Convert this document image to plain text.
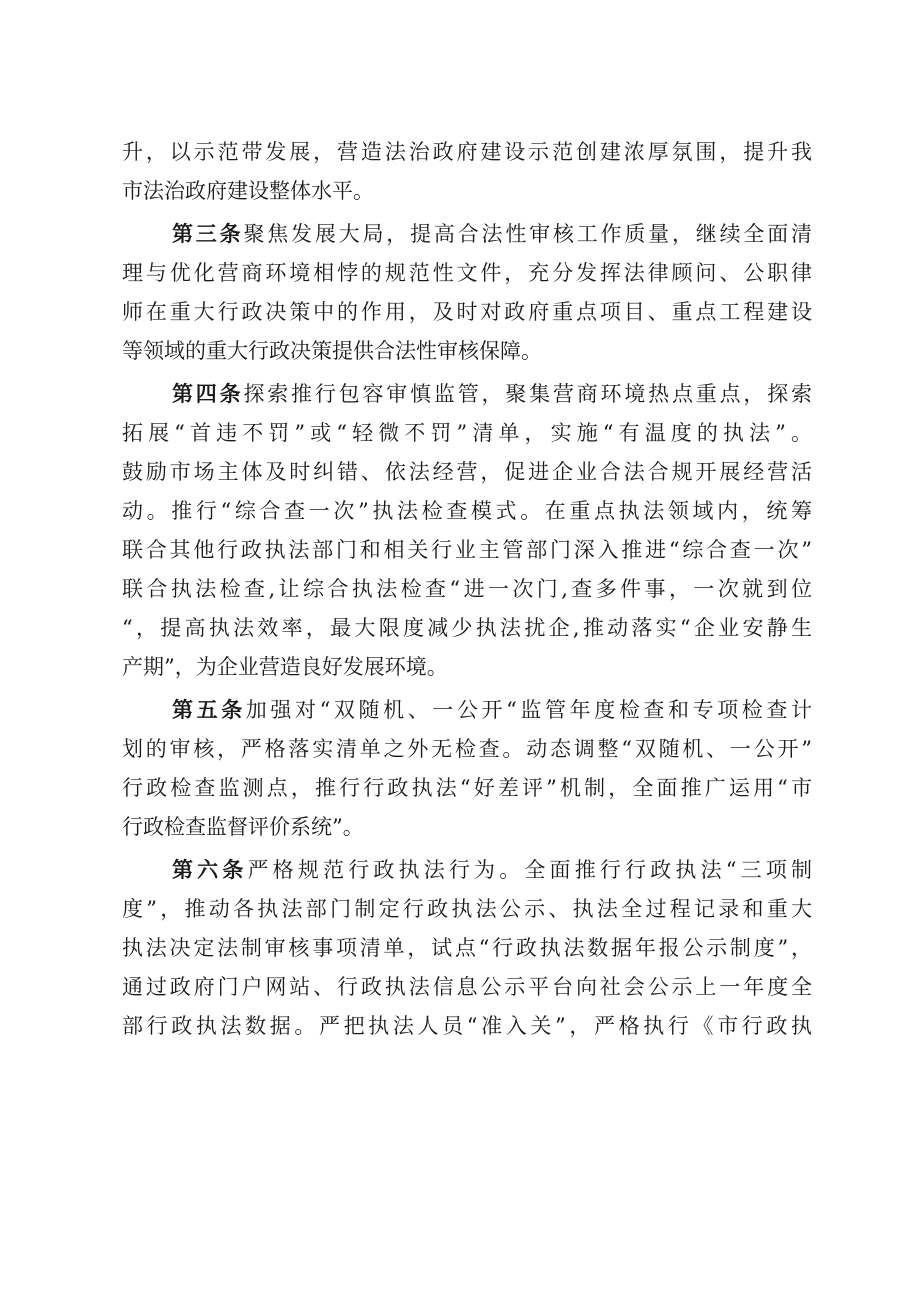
升，以示范带发展，营造法治政府建设示范创建浓厚氛围，提升我
市法治政府建设整体水平。
第三条聚焦发展大局，提高合法性审核工作质量，继续全面清
理与优化营商环境相悖的规范性文件，充分发挥法律顾问、公职律
师在重大行政决策中的作用，及时对政府重点项目、重点工程建设
等领域的重大行政决策提供合法性审核保障。
第四条探索推行包容审慎监管，聚集营商环境热点重点，探索
拓展“首违不罚”或“轻微不罚”清单，实施“有温度的执法”。
鼓励市场主体及时纠错、依法经营，促进企业合法合规开展经营活
动。推行“综合查一次”执法检查模式。在重点执法领域内，统筹
联合其他行政执法部门和相关行业主管部门深入推进“综合查一次”
联合执法检查,让综合执法检查“进一次门,查多件事，一次就到位
“，提高执法效率，最大限度减少执法扰企,推动落实“企业安静生
产期”，为企业营造良好发展环境。
第五条加强对“双随机、一公开“监管年度检查和专项检查计
划的审核，严格落实清单之外无检查。动态调整“双随机、一公开”
行政检查监测点，推行行政执法“好差评”机制，全面推广运用“市
行政检查监督评价系统”。
第六条严格规范行政执法行为。全面推行行政执法“三项制
度”，推动各执法部门制定行政执法公示、执法全过程记录和重大
执法决定法制审核事项清单，试点“行政执法数据年报公示制度”，
通过政府门户网站、行政执法信息公示平台向社会公示上一年度全
部行政执法数据。严把执法人员“准入关”，严格执行《市行政执
